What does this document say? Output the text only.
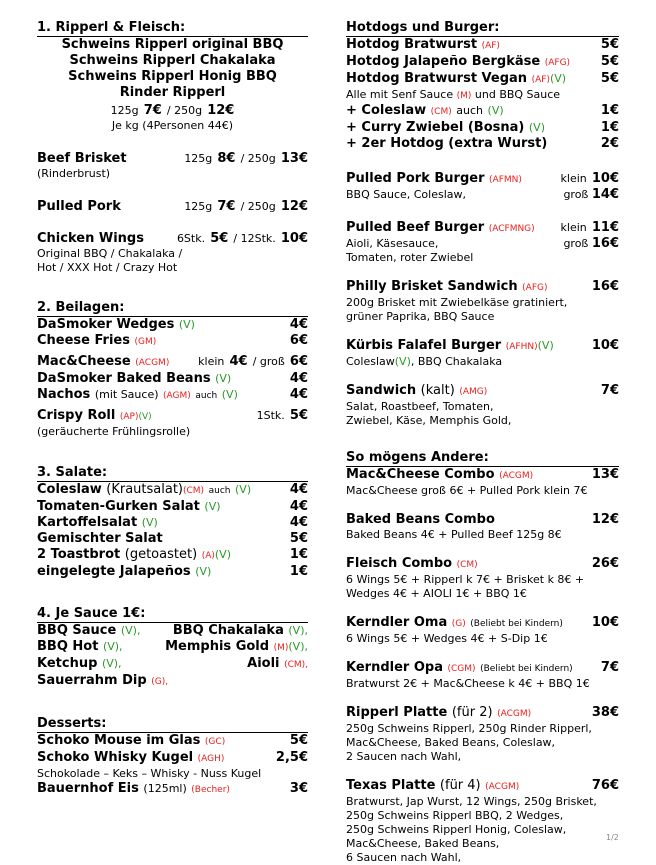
1. Ripperl & Fleisch:
Schweins Ripperl original BBQ
Schweins Ripperl Chakalaka
Schweins Ripperl Honig BBQ
Rinder Ripperl
125g 7€ / 250g 12€
Je kg (4Personen 44€)
Beef Brisket	125g 8€ / 250g 13€
(Rinderbrust)
Pulled Pork	125g 7€ / 250g 12€
Chicken Wings	6Stk. 5€ / 12Stk. 10€
Original BBQ / Chakalaka /
Hot / XXX Hot / Crazy Hot
2. Beilagen:
DaSmoker Wedges (V)	4€
Cheese Fries (GM)	6€
Mac&Cheese (ACGM)	klein 4€ / groß 6€
DaSmoker Baked Beans (V)	4€
Nachos (mit Sauce) (AGM) auch (V)	4€
Crispy Roll (AP)(V)	1Stk. 5€
(geräucherte Frühlingsrolle)
3. Salate:
Coleslaw (Krautsalat)(CM) auch (V)	4€
Tomaten-Gurken Salat (V)	4€
Kartoffelsalat (V)	4€
Gemischter Salat	5€
2 Toastbrot (getoastet) (A)(V)	1€
eingelegte Jalapeños (V)	1€
4. Je Sauce 1€:
BBQ Sauce (V), BBQ Chakalaka (V),
BBQ Hot (V),	Memphis Gold (M)(V),
Ketchup (V),	Aioli (CM),
Sauerrahm Dip (G),
Desserts:
Schoko Mouse im Glas (GC)	5€
Schoko Whisky Kugel (AGH)	2,5€
Schokolade – Keks – Whisky - Nuss Kugel
Bauernhof Eis (125ml) (Becher)	3€
Hotdogs und Burger:
Hotdog Bratwurst (AF)	5€
Hotdog Jalapeño Bergkäse (AFG) 5€
Hotdog Bratwurst Vegan (AF)(V)	5€
Alle mit Senf Sauce (M) und BBQ Sauce
+ Coleslaw (CM) auch (V)	1€
+ Curry Zwiebel (Bosna) (V)	1€
+ 2er Hotdog (extra Wurst)	2€
Pulled Pork Burger (AFMN)	klein 10€
BBQ Sauce, Coleslaw,	groß 14€
Pulled Beef Burger (ACFMNG) klein 11€
Aioli, Käsesauce,	groß 16€
Tomaten, roter Zwiebel
Philly Brisket Sandwich (AFG)	16€
200g Brisket mit Zwiebelkäse gratiniert,
grüner Paprika, BBQ Sauce
Kürbis Falafel Burger (AFHN)(V)	10€
Coleslaw(V), BBQ Chakalaka
Sandwich (kalt) (AMG)	7€
Salat, Roastbeef, Tomaten,
Zwiebel, Käse, Memphis Gold,
So mögens Andere:
Mac&Cheese Combo (ACGM)	13€
Mac&Cheese groß 6€ + Pulled Pork klein 7€
Baked Beans Combo	12€
Baked Beans 4€ + Pulled Beef 125g 8€
Fleisch Combo (CM)	26€
6 Wings 5€ + Ripperl k 7€ + Brisket k 8€ +
Wedges 4€ + AIOLI 1€ + BBQ 1€
Kerndler Oma (G) (Beliebt bei Kindern) 10€
6 Wings 5€ + Wedges 4€ + S-Dip 1€
Kerndler Opa (CGM) (Beliebt bei Kindern) 7€
Bratwurst 2€ + Mac&Cheese k 4€ + BBQ 1€
Ripperl Platte (für 2) (ACGM)	38€
250g Schweins Ripperl, 250g Rinder Ripperl,
Mac&Cheese, Baked Beans, Coleslaw,
2 Saucen nach Wahl,
Texas Platte (für 4) (ACGM)	76€
Bratwurst, Jap Wurst, 12 Wings, 250g Brisket,
250g Schweins Ripperl BBQ, 2 Wedges,
250g Schweins Ripperl Honig, Coleslaw,
Mac&Cheese, Baked Beans,
6 Saucen nach Wahl,
1/2
